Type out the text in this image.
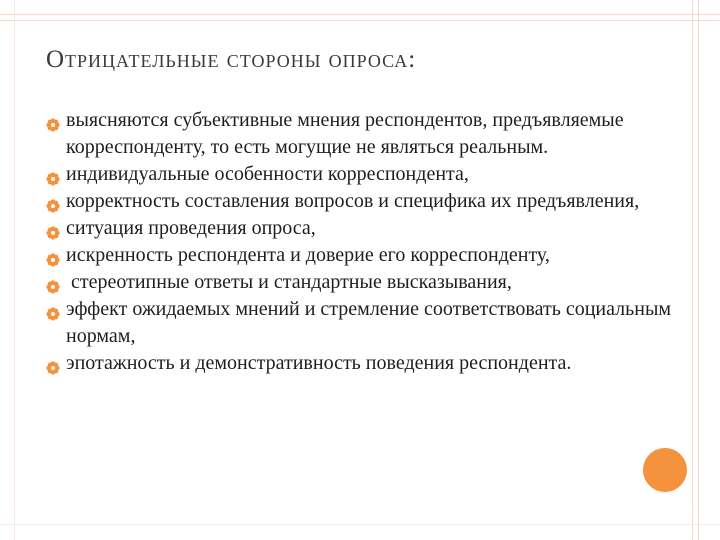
Отрицательные стороны опроса:
выясняются субъективные мнения респондентов, предъявляемые корреспонденту, то есть могущие не являться реальным.
индивидуальные особенности корреспондента,
корректность составления вопросов и специфика их предъявления,
ситуация проведения опроса,
искренность респондента и доверие его корреспонденту,
стереотипные ответы и стандартные высказывания,
эффект ожидаемых мнений и стремление соответствовать социальным нормам,
эпотажность и демонстративность поведения респондента.
